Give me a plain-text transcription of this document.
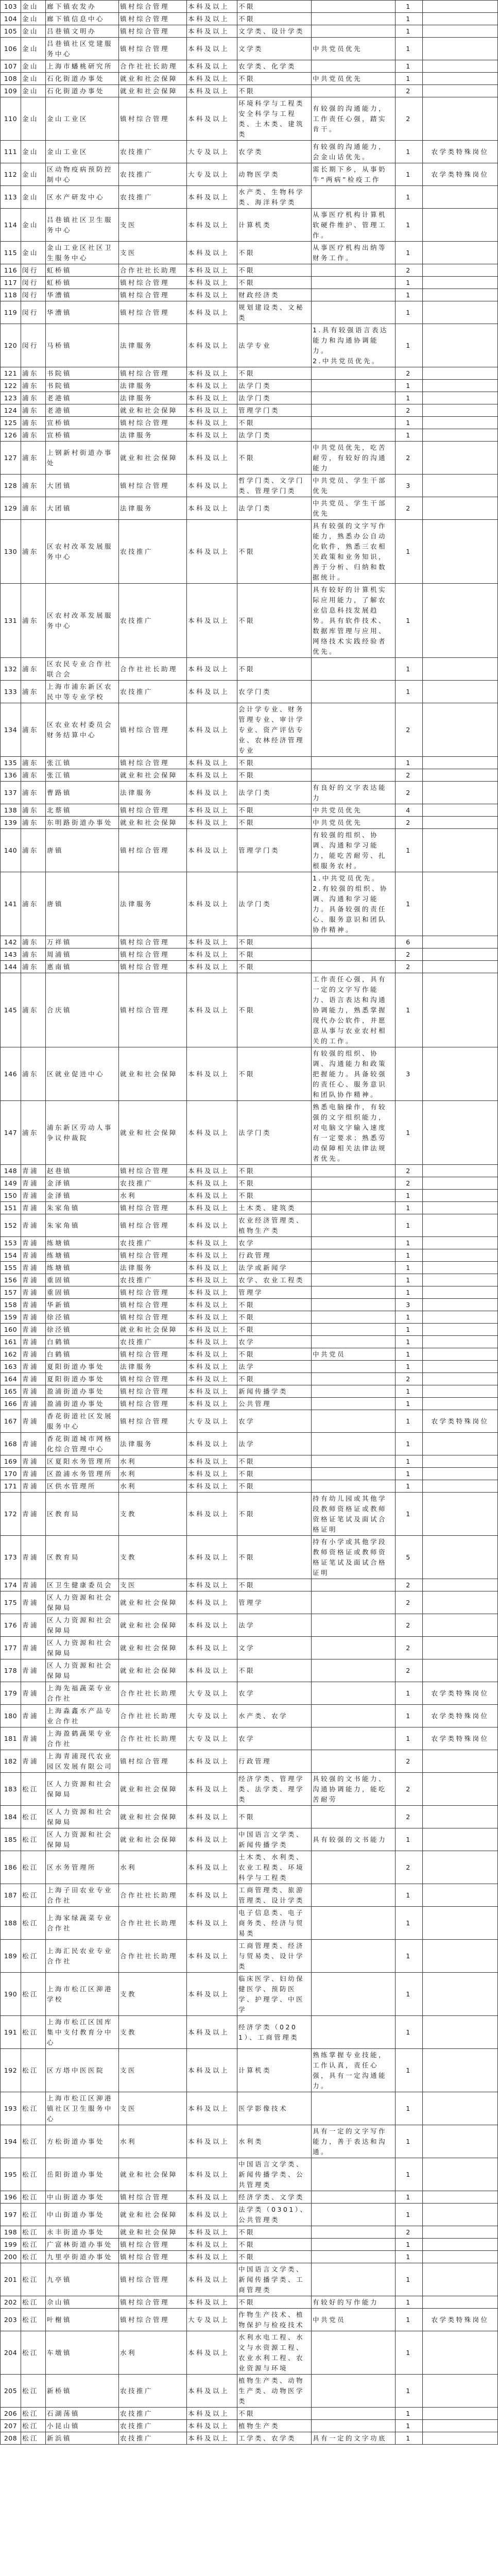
103	金山	廊下镇农发办	镇村综合管理	本科及以上	不限		1	
104	金山	廊下镇信息中心	镇村综合管理	本科及以上	不限		1	
105	金山	吕巷镇文明办	镇村综合管理	本科及以上	文学类、设计学类		1	
106	金山	吕巷镇社区党建服务中心	镇村综合管理	本科及以上	文学类	中共党员优先	1	
107	金山	上海市蟠桃研究所	合作社社长助理	本科及以上	农学类、化学类		1	
108	金山	石化街道办事处	就业和社会保障	本科及以上	不限	中共党员优先	1	
109	金山	石化街道办事处	就业和社会保障	本科及以上	不限		2	
110	金山	金山工业区	镇村综合管理	本科及以上	环境科学与工程类安全科学与工程类、土木类、建筑类	有较强的沟通能力，工作责任心强，踏实肯干。	2	
111	金山	金山工业区	农技推广	大专及以上	农学类	有较强的沟通能力，会金山话优先。	1	农学类特殊岗位
112	金山	区动物疫病预防控制中心	农技推广	大专及以上	动物医学类	需长期下乡，从事奶牛“两病”检疫工作	1	农学类特殊岗位
113	金山	区水产研发中心	农技推广	本科及以上	水产类、生物科学类、海洋科学类		1	
114	金山	吕巷镇社区卫生服务中心	支医	本科及以上	计算机类	从事医疗机构计算机软硬件维护、管理工作。	1	
115	金山	金山工业区社区卫生服务中心	支医	本科及以上	不限	从事医疗机构出纳等财务工作。	1	
116	闵行	虹桥镇	合作社社长助理	本科及以上	不限		2	
117	闵行	虹桥镇	镇村综合管理	本科及以上	不限		1	
118	闵行	华漕镇	镇村综合管理	本科及以上	财政经济类		1	
119	闵行	华漕镇	镇村综合管理	本科及以上	规划建设类、文秘类		1	
120	闵行	马桥镇	法律服务	本科及以上	法学专业	1.具有较强语言表达能力和沟通协调能力。
2.中共党员优先。	1	
121	浦东	书院镇	镇村综合管理	本科及以上	不限		2	
122	浦东	书院镇	法律服务	本科及以上	法学门类		1	
123	浦东	老港镇	法律服务	本科及以上	法学门类		1	
124	浦东	老港镇	就业和社会保障	本科及以上	管理学门类		2	
125	浦东	宣桥镇	镇村综合管理	本科及以上	不限		1	
126	浦东	宣桥镇	法律服务	本科及以上	法学门类		1	
127	浦东	上钢新村街道办事处	就业和社会保障	本科及以上	不限	中共党员优先，吃苦耐劳，有较好的沟通能力	2	
128	浦东	大团镇	镇村综合管理	本科及以上	哲学门类、文学门类、管理学门类	中共党员、学生干部优先	3	
129	浦东	大团镇	法律服务	本科及以上	法学门类	中共党员、学生干部优先	2	
130	浦东	区农村改革发展服务中心	农技推广	本科及以上	不限	具有较强的文字写作能力，熟悉办公自动化软件，熟悉三农相关政策和业务知识，善于分析、归纳和数据统计。	1	
131	浦东	区农村改革发展服务中心	农技推广	本科及以上	不限	具有较好的计算机实际应用能力，了解农业信息科技发展趋势。具有软件技术、数据库管理与应用、网络技术实践经验者优先。	1	
132	浦东	区农民专业合作社联合会	合作社社长助理	本科及以上	不限		1	
133	浦东	上海市浦东新区农民中等专业学校	农技推广	本科及以上	农学门类		1	
134	浦东	区农业农村委员会财务结算中心	镇村综合管理	本科及以上	会计学专业、财务管理专业、审计学专业、资产评估专业、农林经济管理专业		2	
135	浦东	张江镇	镇村综合管理	本科及以上	不限		1	
136	浦东	张江镇	就业和社会保障	本科及以上	不限		2	
137	浦东	曹路镇	法律服务	本科及以上	法学门类	有良好的文字表达能力	2	
138	浦东	北蔡镇	镇村综合管理	本科及以上	不限	中共党员优先	4	
139	浦东	东明路街道办事处	就业和社会保障	本科及以上	不限	中共党员优先	2	
140	浦东	唐镇	镇村综合管理	本科及以上	管理学门类	有较强的组织、协调、沟通和学习能力，能吃苦耐劳、扎根服务农村。	1	
141	浦东	唐镇	法律服务	本科及以上	法学门类	1.中共党员优先。
2.有较强的组织、协调、沟通和学习能力。具备较强的责任心、服务意识和团队协作精神。	1	
142	浦东	万祥镇	镇村综合管理	本科及以上	不限		6	
143	浦东	周浦镇	镇村综合管理	本科及以上	不限		2	
144	浦东	惠南镇	镇村综合管理	本科及以上	不限		2	
145	浦东	合庆镇	镇村综合管理	本科及以上	不限	工作责任心强，具有一定的文字写作能力、语言表达和沟通协调能力，熟悉掌握现代办公软件，并愿意从事与农业农村相关的工作。	1	
146	浦东	区就业促进中心	就业和社会保障	本科及以上	不限	有较强的组织、协调、沟通能力和政策把握能力。具备较强的责任心、服务意识和团队协作精神。	3	
147	浦东	浦东新区劳动人事争议仲裁院	就业和社会保障	本科及以上	法学门类	熟悉电脑操作，有较强的文字组织能力，对电脑文字输入速度有一定要求；熟悉劳动保障相关法律法规者优先。	1	
148	青浦	赵巷镇	镇村综合管理	本科及以上	不限		2	
149	青浦	金泽镇	农技推广	本科及以上	不限		2	
150	青浦	金泽镇	水利	本科及以上	不限		1	
151	青浦	朱家角镇	镇村综合管理	本科及以上	土木类、建筑类		1	
152	青浦	朱家角镇	镇村综合管理	本科及以上	农业经济管理类、植物生产类		1	
153	青浦	练塘镇	农技推广	本科及以上	农学		1	
154	青浦	练塘镇	镇村综合管理	本科及以上	行政管理		1	
155	青浦	练塘镇	法律服务	本科及以上	法学或新闻学		1	
156	青浦	重固镇	农技推广	本科及以上	农学、农业工程类		1	
157	青浦	重固镇	镇村综合管理	本科及以上	管理学		1	
158	青浦	华新镇	镇村综合管理	本科及以上	不限		3	
159	青浦	徐泾镇	镇村综合管理	本科及以上	不限		1	
160	青浦	徐泾镇	就业和社会保障	本科及以上	不限		1	
161	青浦	白鹤镇	农技推广	本科及以上	农学		1	
162	青浦	白鹤镇	镇村综合管理	本科及以上	不限	中共党员	1	
163	青浦	夏阳街道办事处	法律服务	本科及以上	法学		1	
164	青浦	夏阳街道办事处	镇村综合管理	本科及以上	不限		2	
165	青浦	盈浦街道办事处	镇村综合管理	本科及以上	新闻传播学类		1	
166	青浦	盈浦街道办事处	镇村综合管理	本科及以上	公共管理		1	
167	青浦	香花街道社区发展服务中心	镇村综合管理	大专及以上	农学		1	农学类特殊岗位
168	青浦	香花街道城市网格化综合管理中心	法律服务	本科及以上	法学		1	
169	青浦	区夏阳水务管理所	水利	本科及以上	不限		1	
170	青浦	区盈浦水务管理所	水利	本科及以上	不限		1	
171	青浦	区供水管理所	水利	本科及以上	不限		1	
172	青浦	区教育局	支教	本科及以上	不限	持有幼儿园或其他学段教师资格证或教师资格证笔试及面试合格证明	1	
173	青浦	区教育局	支教	本科及以上	不限	持有小学或其他学段教师资格证或教师资格证笔试及面试合格证明	5	
174	青浦	区卫生健康委员会	支医	本科及以上	不限		2	
175	青浦	区人力资源和社会保障局	就业和社会保障	本科及以上	管理学		2	
176	青浦	区人力资源和社会保障局	就业和社会保障	本科及以上	法学		2	
177	青浦	区人力资源和社会保障局	就业和社会保障	本科及以上	文学		2	
178	青浦	区人力资源和社会保障局	就业和社会保障	本科及以上	不限		2	
179	青浦	上海先福蔬菜专业合作社	合作社社长助理	大专及以上	农学		1	农学类特殊岗位
180	青浦	上海淼鑫水产品专业合作社	合作社社长助理	大专及以上	水产类、农学		1	农学类特殊岗位
181	青浦	上海盈鹤蔬果专业合作社	合作社社长助理	大专及以上	农学		1	农学类特殊岗位
182	青浦	上海青浦现代农业园区发展有限公司	镇村综合管理	本科及以上	行政管理		2	
183	松江	区人力资源和社会保障局	就业和社会保障	本科及以上	经济学类、管理学类、法学类、理学类	具较强的文书能力、沟通协调能力，能吃苦耐劳	2	
184	松江	区人力资源和社会保障局	就业和社会保障	本科及以上	不限		2	
185	松江	区人力资源和社会保障局	就业和社会保障	本科及以上	中国语言文学类、新闻传播学类	具有较强的文书能力	1	
186	松江	区水务管理所	水利	本科及以上	土木类、水利类、农业工程类、环境科学与工程类		2	
187	松江	上海子田农业专业合作社	合作社社长助理	本科及以上	工商管理类、旅游管理类、设计学类		1	
188	松江	上海家绿蔬菜专业合作社	合作社社长助理	本科及以上	电子信息类、电子商务类、经济与贸易类		1	
189	松江	上海汇民农业专业合作社	合作社社长助理	本科及以上	工商管理类、经济与贸易类、设计学类		1	
190	松江	上海市松江区泖港学校	支教	本科及以上	临床医学、妇幼保健医学、预防医学、护理学、中医学		1	
191	松江	上海市松江区国库集中支付教育分中心	支教	本科及以上	经济学类（0201）、工商管理类		1	
192	松江	区方塔中医医院	支医	本科及以上	计算机类	熟练掌握专业技能，工作认真，责任心强，具有一定沟通能力。	1	
193	松江	上海市松江区泖港镇社区卫生服务中心	支医	本科及以上	医学影像技术		1	
194	松江	方松街道办事处	水利	本科及以上	水利类	具有一定的文字写作能力，善于表达和沟通。	1	
195	松江	岳阳街道办事处	就业和社会保障	本科及以上	中国语言文学类、新闻传播学类、公共管理类		1	
196	松江	中山街道办事处	镇村综合管理	本科及以上	经济学类、文学类		1	
197	松江	中山街道办事处	就业和社会保障	本科及以上	法学类（0301）、公共管理类		1	
198	松江	永丰街道办事处	就业和社会保障	本科及以上	不限		2	
199	松江	广富林街道办事处	镇村综合管理	本科及以上	不限		1	
200	松江	九里亭街道办事处	镇村综合管理	本科及以上	不限		1	
201	松江	九亭镇	镇村综合管理	本科及以上	中国语言文学类、新闻传播学类、工商管理类		1	
202	松江	佘山镇	镇村综合管理	本科及以上	不限	有较好的写作能力	1	
203	松江	叶榭镇	镇村综合管理	大专及以上	作物生产技术、植物保护与检疫技术	中共党员	1	农学类特殊岗位
204	松江	车墩镇	水利	本科及以上	水利水电工程、水文与水资源工程、农业水利工程、农业资源与环境		1	
205	松江	新桥镇	农技推广	本科及以上	植物生产类、动物生产类、动物医学类		1	
206	松江	石湖荡镇	农技推广	本科及以上	不限		1	
207	松江	小昆山镇	农技推广	本科及以上	植物生产类		1	
208	松江	新浜镇	农技推广	本科及以上	工学类、农学类	具有一定的文字功底	1	
